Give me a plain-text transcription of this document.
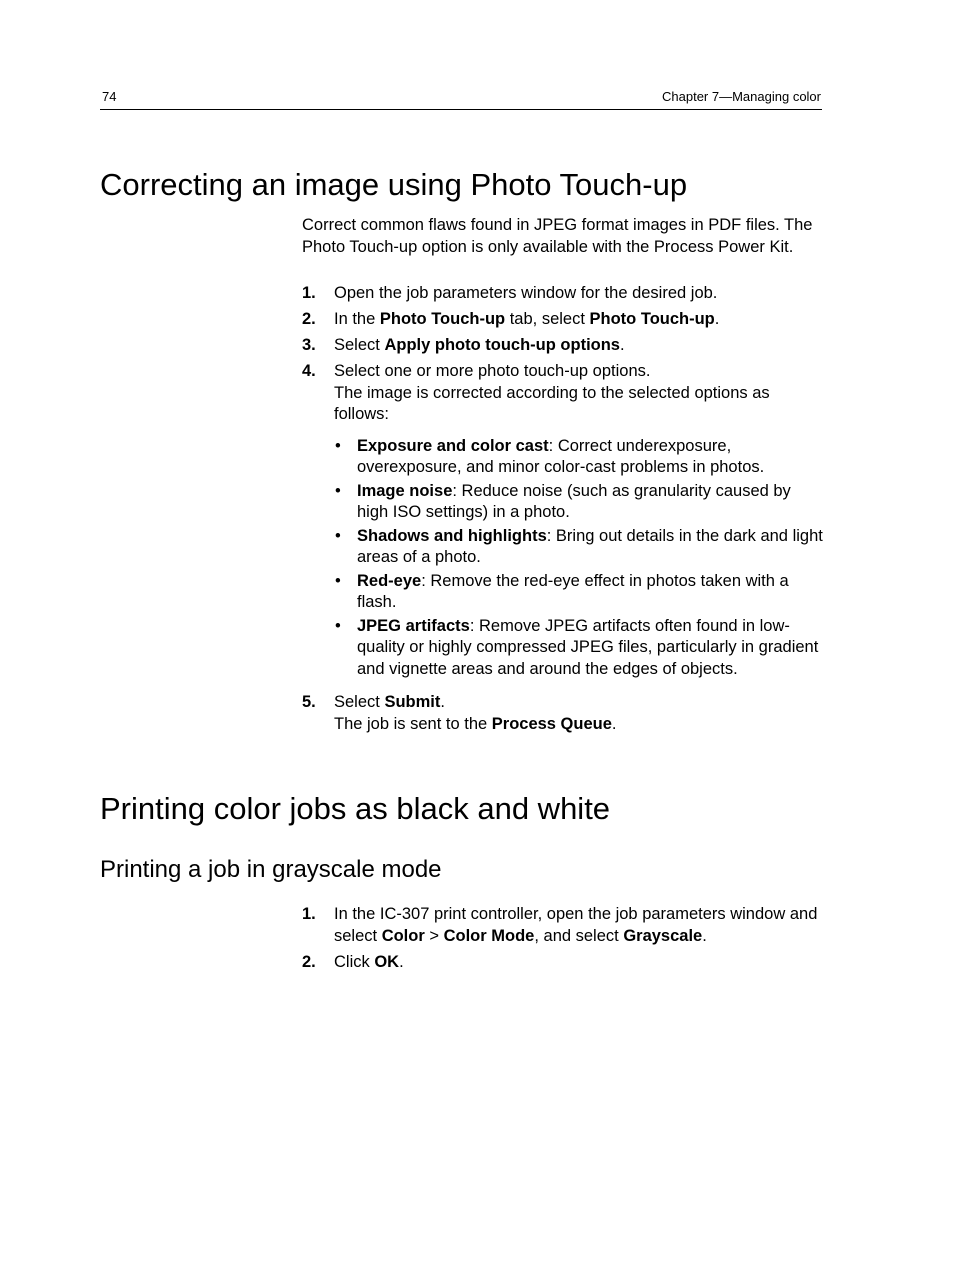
74	Chapter 7—Managing color
Correcting an image using Photo Touch-up

Correct common flaws found in JPEG format images in PDF files. The Photo Touch-up option is only available with the Process Power Kit.

1. Open the job parameters window for the desired job.
2. In the Photo Touch-up tab, select Photo Touch-up.
3. Select Apply photo touch-up options.
4. Select one or more photo touch-up options.
The image is corrected according to the selected options as follows:
• Exposure and color cast: Correct underexposure, overexposure, and minor color-cast problems in photos.
• Image noise: Reduce noise (such as granularity caused by high ISO settings) in a photo.
• Shadows and highlights: Bring out details in the dark and light areas of a photo.
• Red-eye: Remove the red-eye effect in photos taken with a flash.
• JPEG artifacts: Remove JPEG artifacts often found in low-quality or highly compressed JPEG files, particularly in gradient and vignette areas and around the edges of objects.
5. Select Submit.
The job is sent to the Process Queue.
Printing color jobs as black and white
Printing a job in grayscale mode
1. In the IC-307 print controller, open the job parameters window and select Color > Color Mode, and select Grayscale.
2. Click OK.
